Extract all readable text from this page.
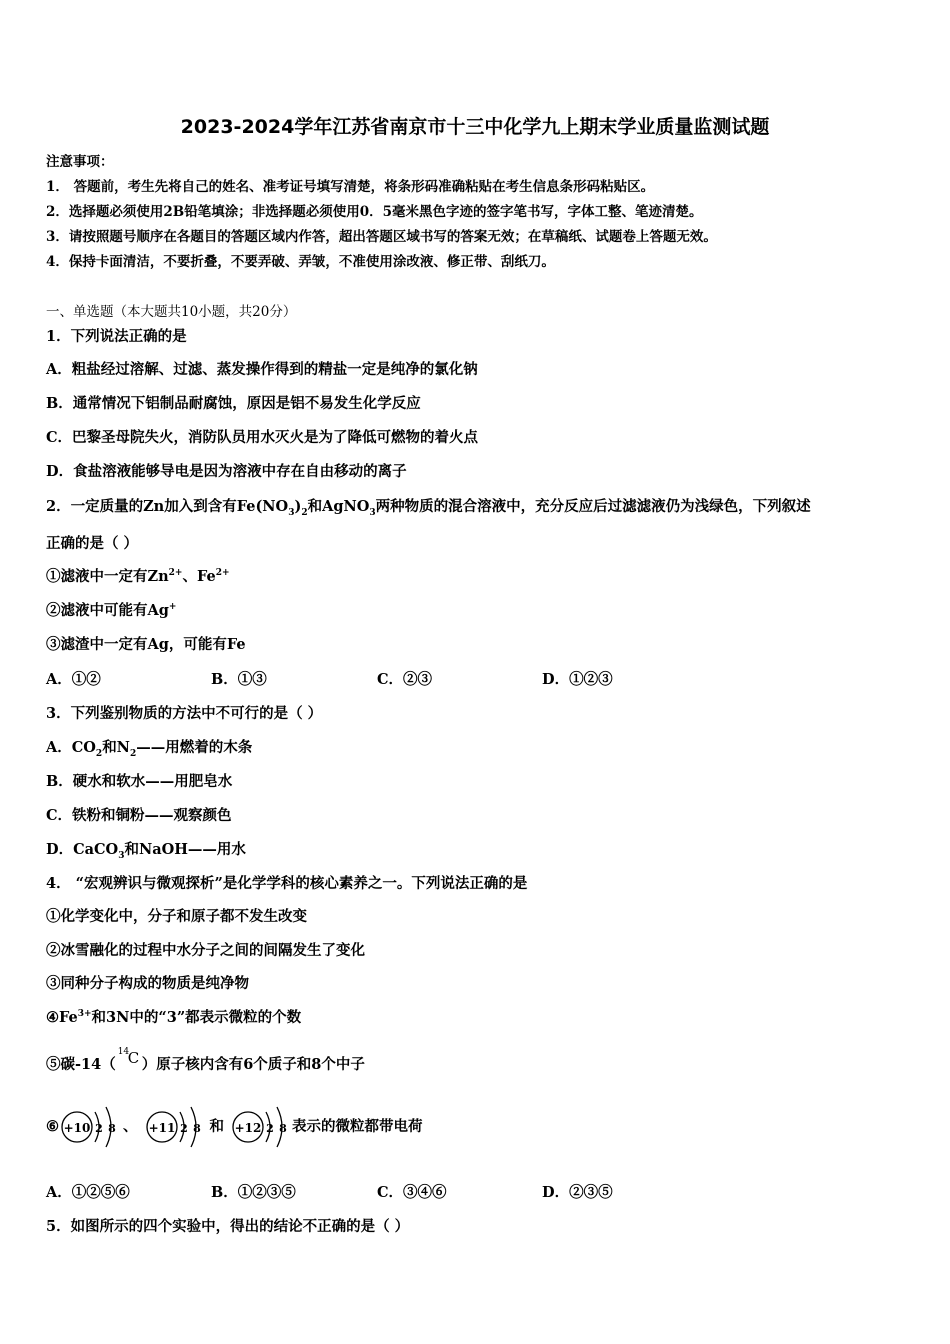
2023-2024学年江苏省南京市十三中化学九上期末学业质量监测试题
注意事项：
1． 答题前，考生先将自己的姓名、准考证号填写清楚，将条形码准确粘贴在考生信息条形码粘贴区。
2．选择题必须使用2B铅笔填涂；非选择题必须使用0．5毫米黑色字迹的签字笔书写，字体工整、笔迹清楚。
3．请按照题号顺序在各题目的答题区域内作答，超出答题区域书写的答案无效；在草稿纸、试题卷上答题无效。
4．保持卡面清洁，不要折叠，不要弄破、弄皱，不准使用涂改液、修正带、刮纸刀。
一、单选题（本大题共10小题，共20分）
1．下列说法正确的是
A．粗盐经过溶解、过滤、蒸发操作得到的精盐一定是纯净的氯化钠
B．通常情况下铝制品耐腐蚀，原因是铝不易发生化学反应
C．巴黎圣母院失火，消防队员用水灭火是为了降低可燃物的着火点
D．食盐溶液能够导电是因为溶液中存在自由移动的离子
2．一定质量的Zn加入到含有$Fe(NO_3)_2$和AgNO$_3$两种物质的混合溶液中，充分反应后过滤滤液仍为浅绿色，下列叙述
正确的是（ ）
①滤液中一定有$Zn^{2+}$、$Fe^{2+}$
②滤液中可能有Ag+
③滤渣中一定有Ag，可能有Fe
A．①②	B．①③	C．②③	D．①②③
3．下列鉴别物质的方法中不可行的是（ ）
A．$CO_2$和$N_2——$用燃着的木条
B．硬水和软水——用肥皂水
C．铁粉和铜粉——观察颜色
D．CaCO$_3$和NaOH——用水
4． “宏观辨识与微观探析”是化学学科的核心素养之一。下列说法正确的是
①化学变化中，分子和原子都不发生改变
②冰雪融化的过程中水分子之间的间隔发生了变化
③同种分子构成的物质是纯净物
$④Fe^{3+}$和3N中的“3”都表示微粒的个数
⑤碳-14（
14
C ）原子核内含有6个质子和8个中子
⑥ +10 2 8 、 +11 2 8 和 +12 2 8 表示的微粒都带电荷
A．①②⑤⑥	B．①②③⑤	C．③④⑥	D．②③⑤
5．如图所示的四个实验中，得出的结论不正确的是（ ）
